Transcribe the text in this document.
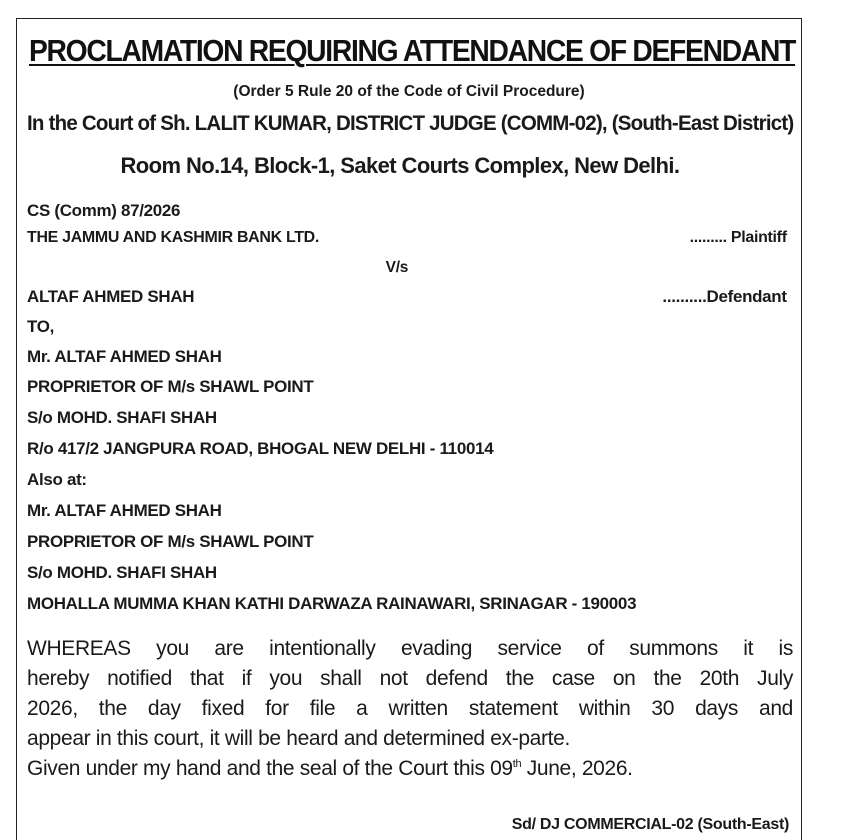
PROCLAMATION REQUIRING ATTENDANCE OF DEFENDANT
(Order 5 Rule 20 of the Code of Civil Procedure)
In the Court of Sh. LALIT KUMAR, DISTRICT JUDGE (COMM-02), (South-East District)
Room No.14, Block-1, Saket Courts Complex, New Delhi.
CS (Comm) 87/2026
THE JAMMU AND KASHMIR BANK LTD.	......... Plaintiff
V/s
ALTAF AHMED SHAH	..........Defendant
TO,
Mr. ALTAF AHMED SHAH
PROPRIETOR OF M/s SHAWL POINT
S/o MOHD. SHAFI SHAH
R/o 417/2 JANGPURA ROAD, BHOGAL NEW DELHI - 110014
Also at:
Mr. ALTAF AHMED SHAH
PROPRIETOR OF M/s SHAWL POINT
S/o MOHD. SHAFI SHAH
MOHALLA MUMMA KHAN KATHI DARWAZA RAINAWARI, SRINAGAR - 190003
WHEREAS you are intentionally evading service of summons it is
hereby notified that if you shall not defend the case on the 20th July
2026, the day fixed for file a written statement within 30 days and
appear in this court, it will be heard and determined ex-parte.
Given under my hand and the seal of the Court this 09th June, 2026.
Sd/ DJ COMMERCIAL-02 (South-East)
